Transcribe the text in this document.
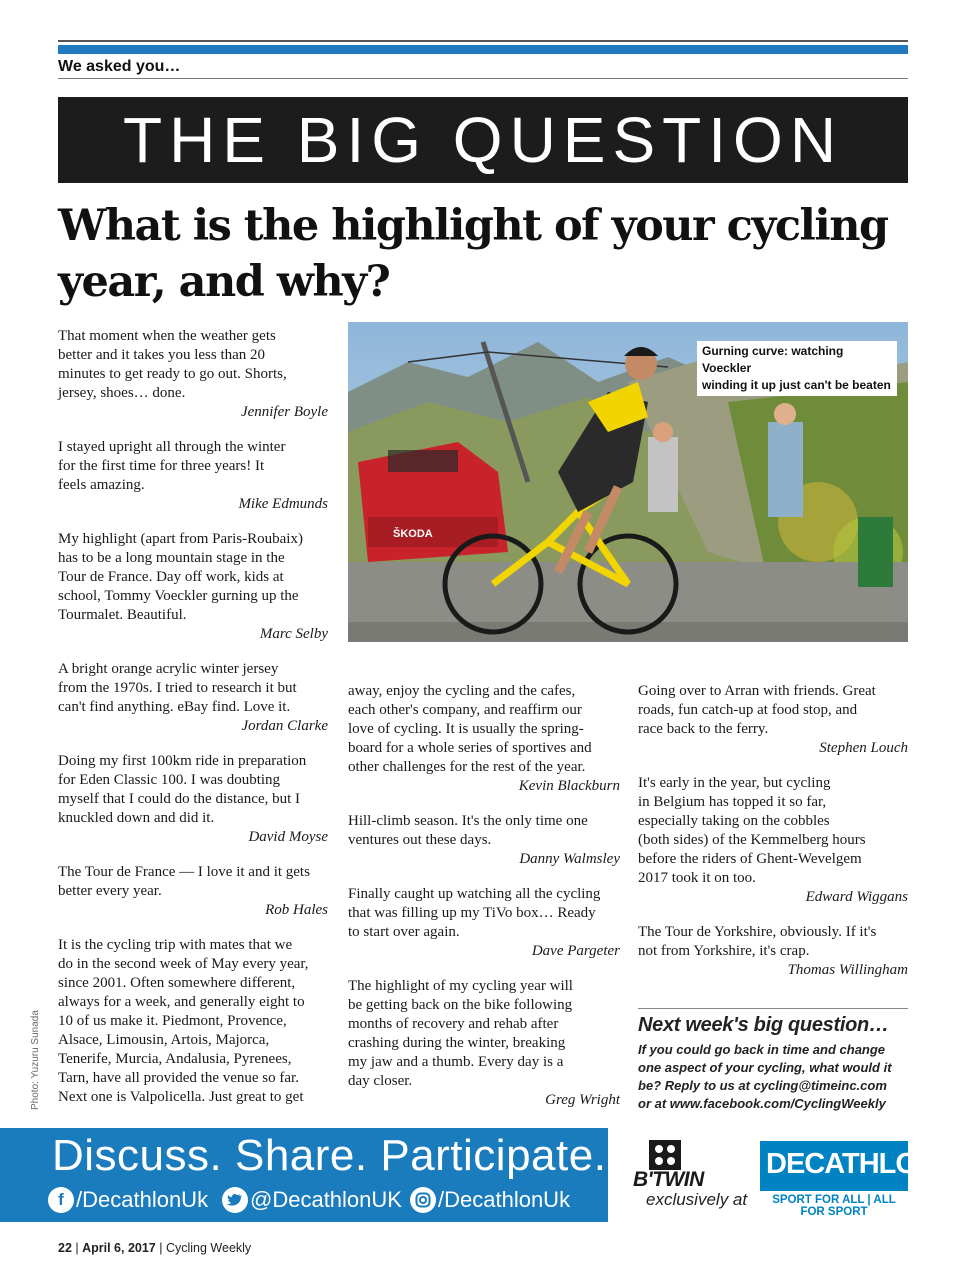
We asked you…
THE BIG QUESTION
What is the highlight of your cycling
year, and why?

That moment when the weather gets
better and it takes you less than 20
minutes to get ready to go out. Shorts,
jersey, shoes… done.

Jennifer Boyle

I stayed upright all through the winter
for the first time for three years! It
feels amazing.

Mike Edmunds

My highlight (apart from Paris-Roubaix)
has to be a long mountain stage in the
Tour de France. Day off work, kids at
school, Tommy Voeckler gurning up the
Tourmalet. Beautiful.

Marc Selby

A bright orange acrylic winter jersey
from the 1970s. I tried to research it but
can't find anything. eBay find. Love it.

Jordan Clarke

Doing my first 100km ride in preparation
for Eden Classic 100. I was doubting
myself that I could do the distance, but I
knuckled down and did it.

David Moyse

The Tour de France — I love it and it gets
better every year.

Rob Hales

It is the cycling trip with mates that we
do in the second week of May every year,
since 2001. Often somewhere different,
always for a week, and generally eight to
10 of us make it. Piedmont, Provence,
Alsace, Limousin, Artois, Majorca,
Tenerife, Murcia, Andalusia, Pyrenees,
Tarn, have all provided the venue so far.
Next one is Valpolicella. Just great to get

away, enjoy the cycling and the cafes,
each other's company, and reaffirm our
love of cycling. It is usually the spring-
board for a whole series of sportives and
other challenges for the rest of the year.

Kevin Blackburn

Hill-climb season. It's the only time one
ventures out these days.

Danny Walmsley

Finally caught up watching all the cycling
that was filling up my TiVo box… Ready
to start over again.

Dave Pargeter

The highlight of my cycling year will
be getting back on the bike following
months of recovery and rehab after
crashing during the winter, breaking
my jaw and a thumb. Every day is a
day closer.

Greg Wright

Going over to Arran with friends. Great
roads, fun catch-up at food stop, and
race back to the ferry.

Stephen Louch

It's early in the year, but cycling
in Belgium has topped it so far,
especially taking on the cobbles
(both sides) of the Kemmelberg hours
before the riders of Ghent-Wevelgem
2017 took it on too.

Edward Wiggans

The Tour de Yorkshire, obviously. If it's
not from Yorkshire, it's crap.

Thomas Willingham

ŠKODA
Gurning curve: watching Voeckler
winding it up just can't be beaten
Photo: Yuzuru Sunada	Next week's big question…
If you could go back in time and change
one aspect of your cycling, what would it
be? Reply to us at cycling@timeinc.com
or at www.facebook.com/CyclingWeekly
Discuss. Share. Participate.
f /DecathlonUk @DecathlonUK /DecathlonUk
B'TWIN
exclusively at
DECATHLON
.co.uk
SPORT FOR ALL | ALL FOR SPORT
22 | April 6, 2017 | Cycling Weekly
